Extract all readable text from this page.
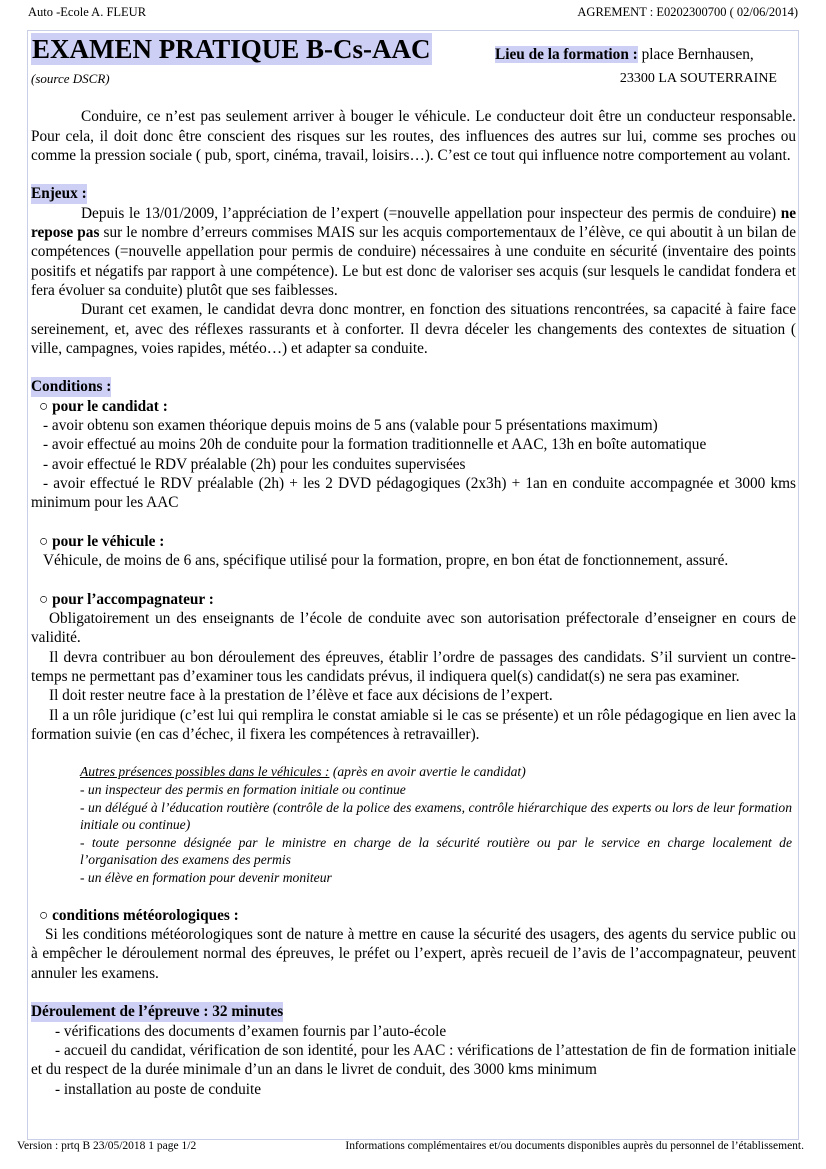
Auto -Ecole A. FLEUR	AGREMENT : E0202300700 ( 02/06/2014)
EXAMEN PRATIQUE B-Cs-AAC	Lieu de la formation : place Bernhausen,
(source DSCR)	23300 LA SOUTERRAINE

Conduire, ce n’est pas seulement arriver à bouger le véhicule. Le conducteur doit être un conducteur responsable. Pour cela, il doit donc être conscient des risques sur les routes, des influences des autres sur lui, comme ses proches ou comme la pression sociale ( pub, sport, cinéma, travail, loisirs…). C’est ce tout qui influence notre comportement au volant.

Enjeux :

Depuis le 13/01/2009, l’appréciation de l’expert (=nouvelle appellation pour inspecteur des permis de conduire) ne repose pas sur le nombre d’erreurs commises MAIS sur les acquis comportementaux de l’élève, ce qui aboutit à un bilan de compétences (=nouvelle appellation pour permis de conduire) nécessaires à une conduite en sécurité (inventaire des points positifs et négatifs par rapport à une compétence). Le but est donc de valoriser ses acquis (sur lesquels le candidat fondera et fera évoluer sa conduite) plutôt que ses faiblesses.

Durant cet examen, le candidat devra donc montrer, en fonction des situations rencontrées, sa capacité à faire face sereinement, et, avec des réflexes rassurants et à conforter. Il devra déceler les changements des contextes de situation ( ville, campagnes, voies rapides, météo…) et adapter sa conduite.

Conditions :
○ pour le candidat :

- avoir obtenu son examen théorique depuis moins de 5 ans (valable pour 5 présentations maximum)

- avoir effectué au moins 20h de conduite pour la formation traditionnelle et AAC, 13h en boîte automatique

- avoir effectué le RDV préalable (2h) pour les conduites supervisées

- avoir effectué le RDV préalable (2h) + les 2 DVD pédagogiques (2x3h) + 1an en conduite accompagnée et 3000 kms minimum pour les AAC

○ pour le véhicule :

Véhicule, de moins de 6 ans, spécifique utilisé pour la formation, propre, en bon état de fonctionnement, assuré.

○ pour l’accompagnateur :

Obligatoirement un des enseignants de l’école de conduite avec son autorisation préfectorale d’enseigner en cours de validité.

Il devra contribuer au bon déroulement des épreuves, établir l’ordre de passages des candidats. S’il survient un contre-temps ne permettant pas d’examiner tous les candidats prévus, il indiquera quel(s) candidat(s) ne sera pas examiner.

Il doit rester neutre face à la prestation de l’élève et face aux décisions de l’expert.

Il a un rôle juridique (c’est lui qui remplira le constat amiable si le cas se présente) et un rôle pédagogique en lien avec la formation suivie (en cas d’échec, il fixera les compétences à retravailler).

Autres présences possibles dans le véhicules : (après en avoir avertie le candidat)
- un inspecteur des permis en formation initiale ou continue
- un délégué à l’éducation routière (contrôle de la police des examens, contrôle hiérarchique des experts ou lors de leur formation initiale ou continue)
- toute personne désignée par le ministre en charge de la sécurité routière ou par le service en charge localement de l’organisation des examens des permis
- un élève en formation pour devenir moniteur
○ conditions météorologiques :

Si les conditions météorologiques sont de nature à mettre en cause la sécurité des usagers, des agents du service public ou à empêcher le déroulement normal des épreuves, le préfet ou l’expert, après recueil de l’avis de l’accompagnateur, peuvent annuler les examens.

Déroulement de l’épreuve : 32 minutes

- vérifications des documents d’examen fournis par l’auto-école

- accueil du candidat, vérification de son identité, pour les AAC : vérifications de l’attestation de fin de formation initiale et du respect de la durée minimale d’un an dans le livret de conduit, des 3000 kms minimum

- installation au poste de conduite

Version : prtq B 23/05/2018 1 page 1/2	Informations complémentaires et/ou documents disponibles auprès du personnel de l’établissement.
